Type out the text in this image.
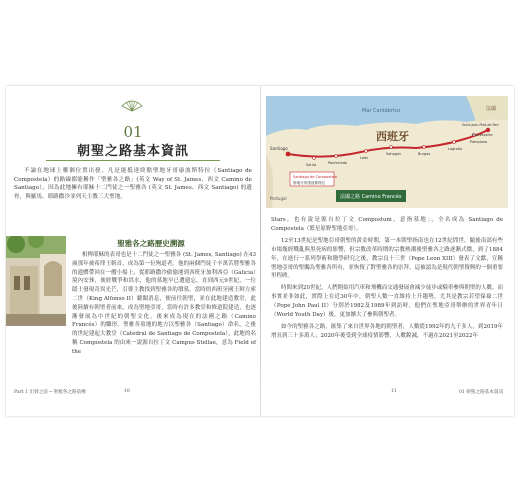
01
朝聖之路基本資訊

不論在地球上哪個位置出發，凡是能抵達終點聖地牙哥康波斯特拉（Santiago de Compostela）的路線都能稱作「聖雅各之路」(英文 Way of St. James、西文 Camino de Santiago），因為此地擁有耶穌十二門徒之一聖雅各 (英文 St. James、西文 Santiago) 的遺骨，與羅馬、耶路撒冷並列天主教三大聖地。

聖雅各之路歷史溯源

相傳耶穌的表哥也是十二門徒之一聖雅各 (St. James, Santiago) 在43歲那年被希律王斬首，成為第一位殉道者。他的兩個門徒千辛萬苦將聖雅各的遺體帶回在一艘小船上，從耶路撒冷偷偷運到西班牙加利西亞（Galicia）境內安葬，後經戰爭和洪水，他的墓地早已遭遺忘。直到西元9世紀，一位隱士發現奇異光芒，引導主教找到聖雅各的墳墓。當時的西班牙國王阿方索二世（King Alfonso II）聽聞消息，便前往朝聖，並在此地建造教堂，此後陸續有朝聖者前來，成為聖地亞哥，當時有許多教堂和修道院建造，也逐漸發展為中世紀的朝聖文化，後來成為現在的法國之路（Camino Francés）的雛形。聖雅各墓地的地方以聖雅各（Santiago）命名，之後的世紀建起大教堂（Catedral de Santiago de Compostela），此地的名稱 Compostela 的由來一說源自拉丁文 Campus Stellae，意為 Field of the

Part 1 出發之前 ─ 聖雅各之路前傳	10
Mar Cantábrico
西班牙
法國
Santiago
Sarria	Ponferrada
León
Sahagún	Burgos
Logroño
Pamplona
Saint-Jean-Pied-de-Port
Roncesvalles
Portugal
Santiago de Compostela
聖地牙哥康波斯特拉
法國之路 Camino Francés

Stars，也有說是源自拉丁文 Compostum，意指墓地」，全名成為 Santiago de Compostela（繁星原野聖地亞哥）。

12至13世紀是聖地亞哥朝聖的黃金時期，第一本朝聖指南也在12世紀問世，隨後南部有些市場幾經戰亂與黑死病的影響，但宗教改革時期的宗教熱潮後聖雅各之路逐漸式微，到了1884年，在進行一系列學術和醫學研究之後，教宗良十三世（Pope Leon XIII）發表了文獻，宣稱聖地亞哥的聖髑為聖雅各所有，並恢復了對聖雅各的崇拜，這被認為是現代朝聖復興的一個重要里程碑。

時間來到20世紀，人們開始用汽車和飛機而交通發展會減少徒步或騎車參與朝聖的人數。而事實並非如此，實際上在近30年中，朝聖人數一直維持上升趨勢，尤其是教宗若望保祿二世（Pope John Paul II）分別於1982及1989年到訪時，他們在聖地亞哥舉辦的世界青年日（World Youth Day）後，更加擴大了參與朝聖者。

如今的聖雅各之路，匯集了來自世界各地的朝聖者，人數從1992年的九千多人，到2019年增長到三十多萬人；2020年後受到全球疫情影響，人數銳減，不過在2021至2022年

11	01 朝聖之路基本資訊
